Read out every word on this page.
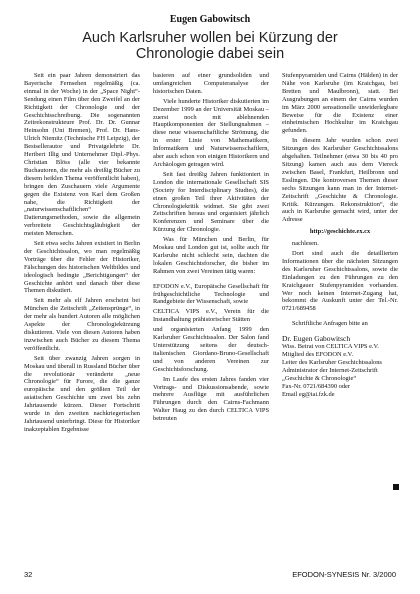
Eugen Gabowitsch
Auch Karlsruher wollen bei Kürzung der
Chronologie dabei sein

Seit ein paar Jahren demonstriert das Bayerische Fernsehen regelmäßig (ca. einmal in der Woche) in der „Space Night“-Sendung einen Film über den Zweifel an der Richtigkeit der Chronologie und der Geschichtsschreibung. Die sogenannten Zeitrekonstrukteure Prof. Dr. Dr. Gunnar Heinsohn (Uni Bremen), Prof. Dr. Hans-Ulrich Niemitz (Technische FH Leipzig), der Bestsellerautor und Privatgelehrte Dr. Heribert Illig und Unternehmer Dipl.-Phys. Christian Blöss (alle vier bekannte Buchautoren, die mehr als dreißig Bücher zu diesem heiklen Thema veröffentlicht haben), bringen den Zuschauern viele Argumente gegen die Existenz von Karl dem Großen nahe, die Richtigkeit der „naturwissenschaftlichen“ Datierungsmethoden, sowie die allgemein verbreitete Geschichtsgläubigkeit der meisten Menschen.

Seit etwa sechs Jahren existiert in Berlin der Geschichtssalon, wo man regelmäßig Vorträge über die Fehler der Historiker, Fälschungen des historischen Weltbildes und ideologisch bedingte „Berichtigungen“ der Geschichte anhört und danach über diese Themen diskutiert.

Seit mehr als elf Jahren erscheint bei München die Zeitschrift „Zeitensprünge“, in der mehr als hundert Autoren alle möglichen Aspekte der Chronologiekürzung diskutieren. Viele von diesen Autoren haben inzwischen auch Bücher zu diesem Thema veröffentlicht.

Seit über zwanzig Jahren sorgen in Moskau und überall in Russland Bücher über die revolutionär veränderte „neue Chronologie“ für Furore, die die ganze europäische und den größten Teil der asiatischen Geschichte um zwei bis zehn Jahrtausende kürzen. Dieser Fortschritt wurde in den zweiten nachkriegerischen Jahrtausend unterbringt. Diese für Historiker inakzeptablen Ergebnisse

basieren auf einer grundsoliden und umfangreichen Computeranalyse der historischen Daten.

Viele hunderte Historiker diskutierten im Dezember 1999 an der Universität Moskau – zuerst noch mit ablehnenden Hauptkomponenten der Stellungnahmen – diese neue wissenschaftliche Strömung, die in erster Linie von Mathematikern, Informatikern und Naturwissenschaftlern, aber auch schon von einigen Historikern und Archäologen getragen wird.

Seit fast dreißig Jahren funktioniert in London die internationale Gesellschaft SIS (Society for Interdisciplinary Studies), die einen großen Teil ihrer Aktivitäten der Chronologiekritik widmet. Sie gibt zwei Zeitschriften heraus und organisiert jährlich Konferenzen und Seminare über die Kürzung der Chronologie.

Was für München und Berlin, für Moskau und London gut ist, sollte auch für Karlsruhe nicht schlecht sein, dachten die lokalen Geschichtsforscher, die bisher im Rahmen von zwei Vereinen tätig waren:

EFODON e.V., Europäische Gesellschaft für frühgeschichtliche Technologie und Randgebiete der Wissenschaft, sowie

CELTICA VIPS e.V., Verein für die Instandhaltung prähistorischer Stätten

und organisierten Anfang 1999 den Karlsruher Geschichtssalon. Der Salon fand Unterstützung seitens der deutsch-italienischen Giordano-Bruno-Gesellschaft und von anderen Vereinen zur Geschichtsforschung.

Im Laufe des ersten Jahres fanden vier Vortrags- und Diskussionsabende, sowie mehrere Ausflüge mit ausführlichen Führungen durch den Cairns-Fachmann Walter Haug zu den durch CELTICA VIPS betreuten

Stufenpyramiden und Cairns (Hälden) in der Nähe von Karlsruhe (im Kraichgau, bei Bretten und Maulbronn), statt. Bei Ausgrabungen an einem der Cairns wurden im März 2000 sensationelle unwiderlegbare Beweise für die Existenz einer einheimischen Hochkultur im Kraichgau gefunden.

In diesem Jahr wurden schon zwei Sitzungen des Karlsruher Geschichtssalons abgehalten. Teilnehmer (etwa 30 bis 40 pro Sitzung) kamen auch aus dem Viereck zwischen Basel, Frankfurt, Heilbronn und Esslingen. Die kontroversen Themen dieser sechs Sitzungen kann man in der Internet-Zeitschrift „Geschichte & Chronologie. Kritik. Kürzungen. Rekonstruktion“, die auch in Karlsruhe gemacht wird, unter der Adresse

http://geschichte.ex.cx

nachlesen.

Dort sind auch die detaillierten Informationen über die nächsten Sitzungen des Karlsruher Geschichtssalons, sowie die Einladungen zu den Führungen zu den Kraichgauer Stufenpyramiden vorhanden. Wer noch keinen Internet-Zugang hat, bekommt die Auskunft unter der Tel.-Nr. 0721/689458

Schriftliche Anfragen bitte an

Dr. Eugen Gabowitsch

Wiss. Beirat von CELTICA VIPS e.V.

Mitglied des EFODON e.V.

Leiter des Karlsruher Geschichtssalons

Administrator der Internet-Zeitschrift

„Geschichte & Chronologie“

Fax-Nr. 0721/684390 oder

Email eg@iai.fzk.de

32	EFODON-SYNESIS Nr. 3/2000
